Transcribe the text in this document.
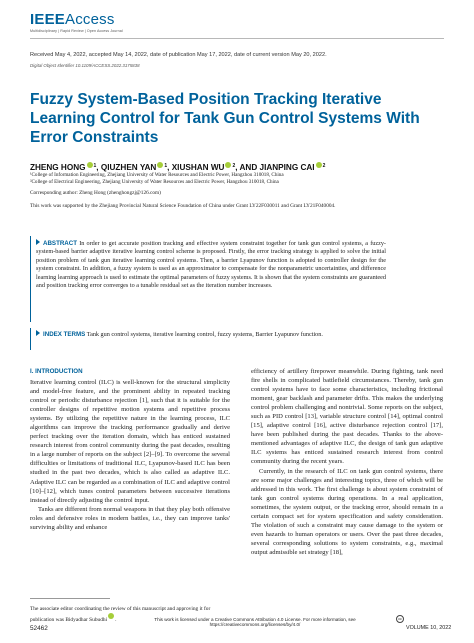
IEEEAccess
Multidisciplinary | Rapid Review | Open Access Journal
Received May 4, 2022, accepted May 14, 2022, date of publication May 17, 2022, date of current version May 20, 2022.
Digital Object Identifier 10.1109/ACCESS.2022.3175838
Fuzzy System-Based Position Tracking Iterative Learning Control for Tank Gun Control Systems With Error Constraints
ZHENG HONG $^1$, QIUZHEN YAN $^1$, XIUSHAN WU $^2$, AND JIANPING CAI $^2$
¹College of Information Engineering, Zhejiang University of Water Resources and Electric Power, Hangzhou 310018, China
²College of Electrical Engineering, Zhejiang University of Water Resources and Electric Power, Hangzhou 310018, China
Corresponding author: Zheng Hong (zhenghongzj@126.com)
This work was supported by the Zhejiang Provincial Natural Science Foundation of China under Grant LY22F030011 and Grant LY21F040004.
ABSTRACT In order to get accurate position tracking and effective system constraint together for tank gun control systems, a fuzzy-system-based barrier adaptive iterative learning control scheme is proposed. Firstly, the error tracking strategy is applied to solve the initial position problem of tank gun iterative learning control systems. Then, a barrier Lyapunov function is adopted to controller design for the system constraint. In addition, a fuzzy system is used as an approximator to compensate for the nonparametric uncertainties, and difference learning learning approach is used to estimate the optimal parameters of fuzzy systems. It is shown that the system constraints are guaranteed and position tracking error converges to a tunable residual set as the iteration number increases.
INDEX TERMS Tank gun control systems, iterative learning control, fuzzy systems, Barrier Lyapunov function.
I. INTRODUCTION

Iterative learning control (ILC) is well-known for the structural simplicity and model-free feature, and the prominent ability in repeated tracking control or periodic disturbance rejection [1], such that it is suitable for the controller designs of repetitive motion systems and repetitive process systems. By utilizing the repetitive nature in the learning process, ILC algorithms can improve the tracking performance gradually and derive perfect tracking over the iteration domain, which has enticed sustained research interest from control community during the past decades, resulting in a large number of reports on the subject [2]–[9]. To overcome the several difficulties or limitations of traditional ILC, Lyapunov-based ILC has been studied in the past two decades, which is also called as adaptive ILC. Adaptive ILC can be regarded as a combination of ILC and adaptive control [10]–[12], which tunes control parameters between successive iterations instead of directly adjusting the control input.

Tanks are different from normal weapons in that they play both offensive roles and defensive roles in modern battles, i.e., they can improve tanks' surviving ability and enhance

efficiency of artillery firepower meanwhile. During fighting, tank need fire shells in complicated battlefield circumstances. Thereby, tank gun control systems have to face some characteristics, including frictional moment, gear backlash and parameter drifts. This makes the underlying control problem challenging and nontrivial. Some reports on the subject, such as PID control [13], variable structure control [14], optimal control [15], adaptive control [16], active disturbance rejection control [17], have been published during the past decades. Thanks to the above-mentioned advantages of adaptive ILC, the design of tank gun adaptive ILC systems has enticed sustained research interest from control community during the recent years.

Currently, in the research of ILC on tank gun control systems, there are some major challenges and interesting topics, three of which will be addressed in this work. The first challenge is about system constraint of tank gun control systems during operations. In a real application, sometimes, the system output, or the tracking error, should remain in a certain compact set for system specification and safety consideration. The violation of such a constraint may cause damage to the system or even hazards to human operators or users. Over the past three decades, several corresponding solutions to system constraints, e.g., maximal output admissible set strategy [18],

The associate editor coordinating the review of this manuscript and approving it for publication was Bidyadhar Subudhi .
52462
This work is licensed under a Creative Commons Attribution 4.0 License. For more information, see https://creativecommons.org/licenses/by/4.0/
cc
VOLUME 10, 2022
